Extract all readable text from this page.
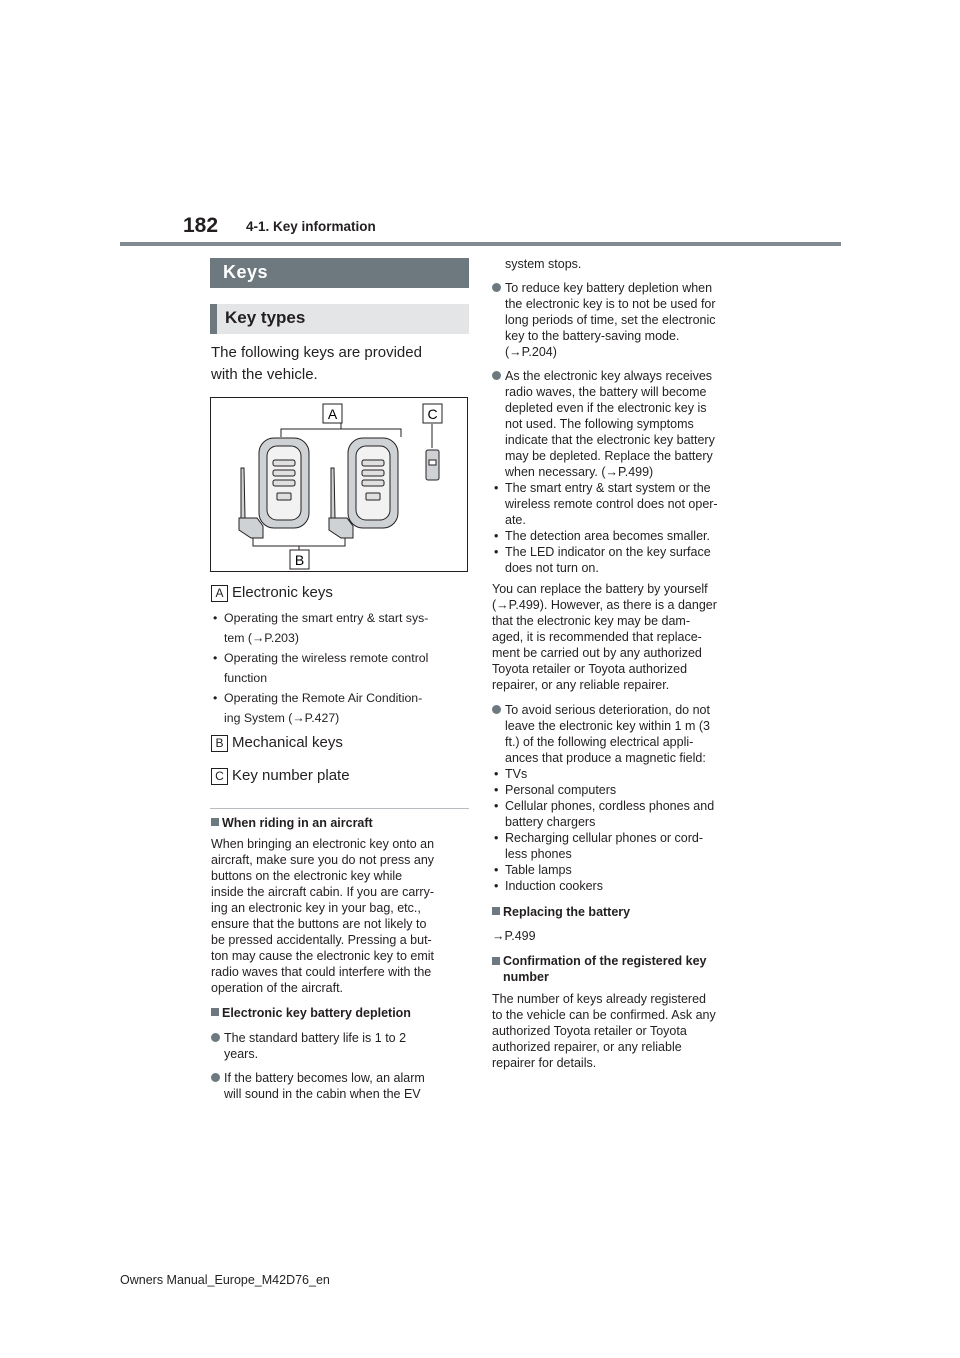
182 4-1. Key information
Keys
Key types
The following keys are provided
with the vehicle.
A	C
B
A Electronic keys
• Operating the smart entry & start sys-
tem (→P.203)
• Operating the wireless remote control
function
• Operating the Remote Air Condition-
ing System (→P.427)
B Mechanical keys
C Key number plate
When riding in an aircraft
When bringing an electronic key onto an
aircraft, make sure you do not press any
buttons on the electronic key while
inside the aircraft cabin. If you are carry-
ing an electronic key in your bag, etc.,
ensure that the buttons are not likely to
be pressed accidentally. Pressing a but-
ton may cause the electronic key to emit
radio waves that could interfere with the
operation of the aircraft.
Electronic key battery depletion
The standard battery life is 1 to 2
years.
If the battery becomes low, an alarm
will sound in the cabin when the EV
system stops.
To reduce key battery depletion when
the electronic key is to not be used for
long periods of time, set the electronic
key to the battery-saving mode.
(→P.204)
As the electronic key always receives
radio waves, the battery will become
depleted even if the electronic key is
not used. The following symptoms
indicate that the electronic key battery
may be depleted. Replace the battery
when necessary. (→P.499)
• The smart entry & start system or the
wireless remote control does not oper-
ate.
• The detection area becomes smaller.
• The LED indicator on the key surface
does not turn on.
You can replace the battery by yourself
(→P.499). However, as there is a danger
that the electronic key may be dam-
aged, it is recommended that replace-
ment be carried out by any authorized
Toyota retailer or Toyota authorized
repairer, or any reliable repairer.
To avoid serious deterioration, do not
leave the electronic key within 1 m (3
ft.) of the following electrical appli-
ances that produce a magnetic field:
• TVs
• Personal computers
• Cellular phones, cordless phones and
battery chargers
• Recharging cellular phones or cord-
less phones
• Table lamps
• Induction cookers
Replacing the battery
→P.499
Confirmation of the registered key
number
The number of keys already registered
to the vehicle can be confirmed. Ask any
authorized Toyota retailer or Toyota
authorized repairer, or any reliable
repairer for details.
Owners Manual_Europe_M42D76_en
